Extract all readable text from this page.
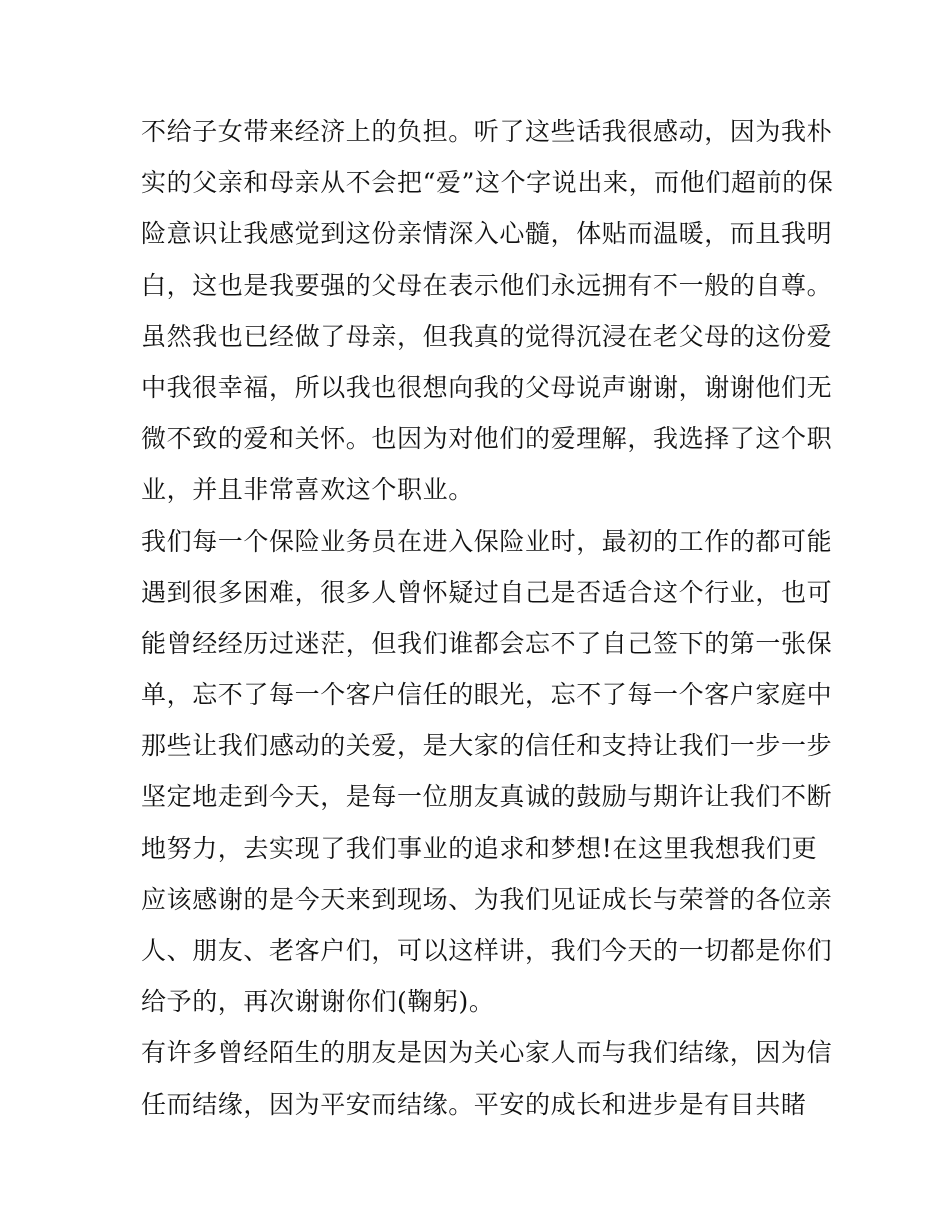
不给子女带来经济上的负担。听了这些话我很感动，因为我朴
实的父亲和母亲从不会把“爱”这个字说出来，而他们超前的保
险意识让我感觉到这份亲情深入心髓，体贴而温暖，而且我明
白，这也是我要强的父母在表示他们永远拥有不一般的自尊。
虽然我也已经做了母亲，但我真的觉得沉浸在老父母的这份爱
中我很幸福，所以我也很想向我的父母说声谢谢，谢谢他们无
微不致的爱和关怀。也因为对他们的爱理解，我选择了这个职
业，并且非常喜欢这个职业。
我们每一个保险业务员在进入保险业时，最初的工作的都可能
遇到很多困难，很多人曾怀疑过自己是否适合这个行业，也可
能曾经经历过迷茫，但我们谁都会忘不了自己签下的第一张保
单，忘不了每一个客户信任的眼光，忘不了每一个客户家庭中
那些让我们感动的关爱，是大家的信任和支持让我们一步一步
坚定地走到今天，是每一位朋友真诚的鼓励与期许让我们不断
地努力，去实现了我们事业的追求和梦想!在这里我想我们更
应该感谢的是今天来到现场、为我们见证成长与荣誉的各位亲
人、朋友、老客户们，可以这样讲，我们今天的一切都是你们
给予的，再次谢谢你们(鞠躬)。
有许多曾经陌生的朋友是因为关心家人而与我们结缘，因为信
任而结缘，因为平安而结缘。平安的成长和进步是有目共睹
